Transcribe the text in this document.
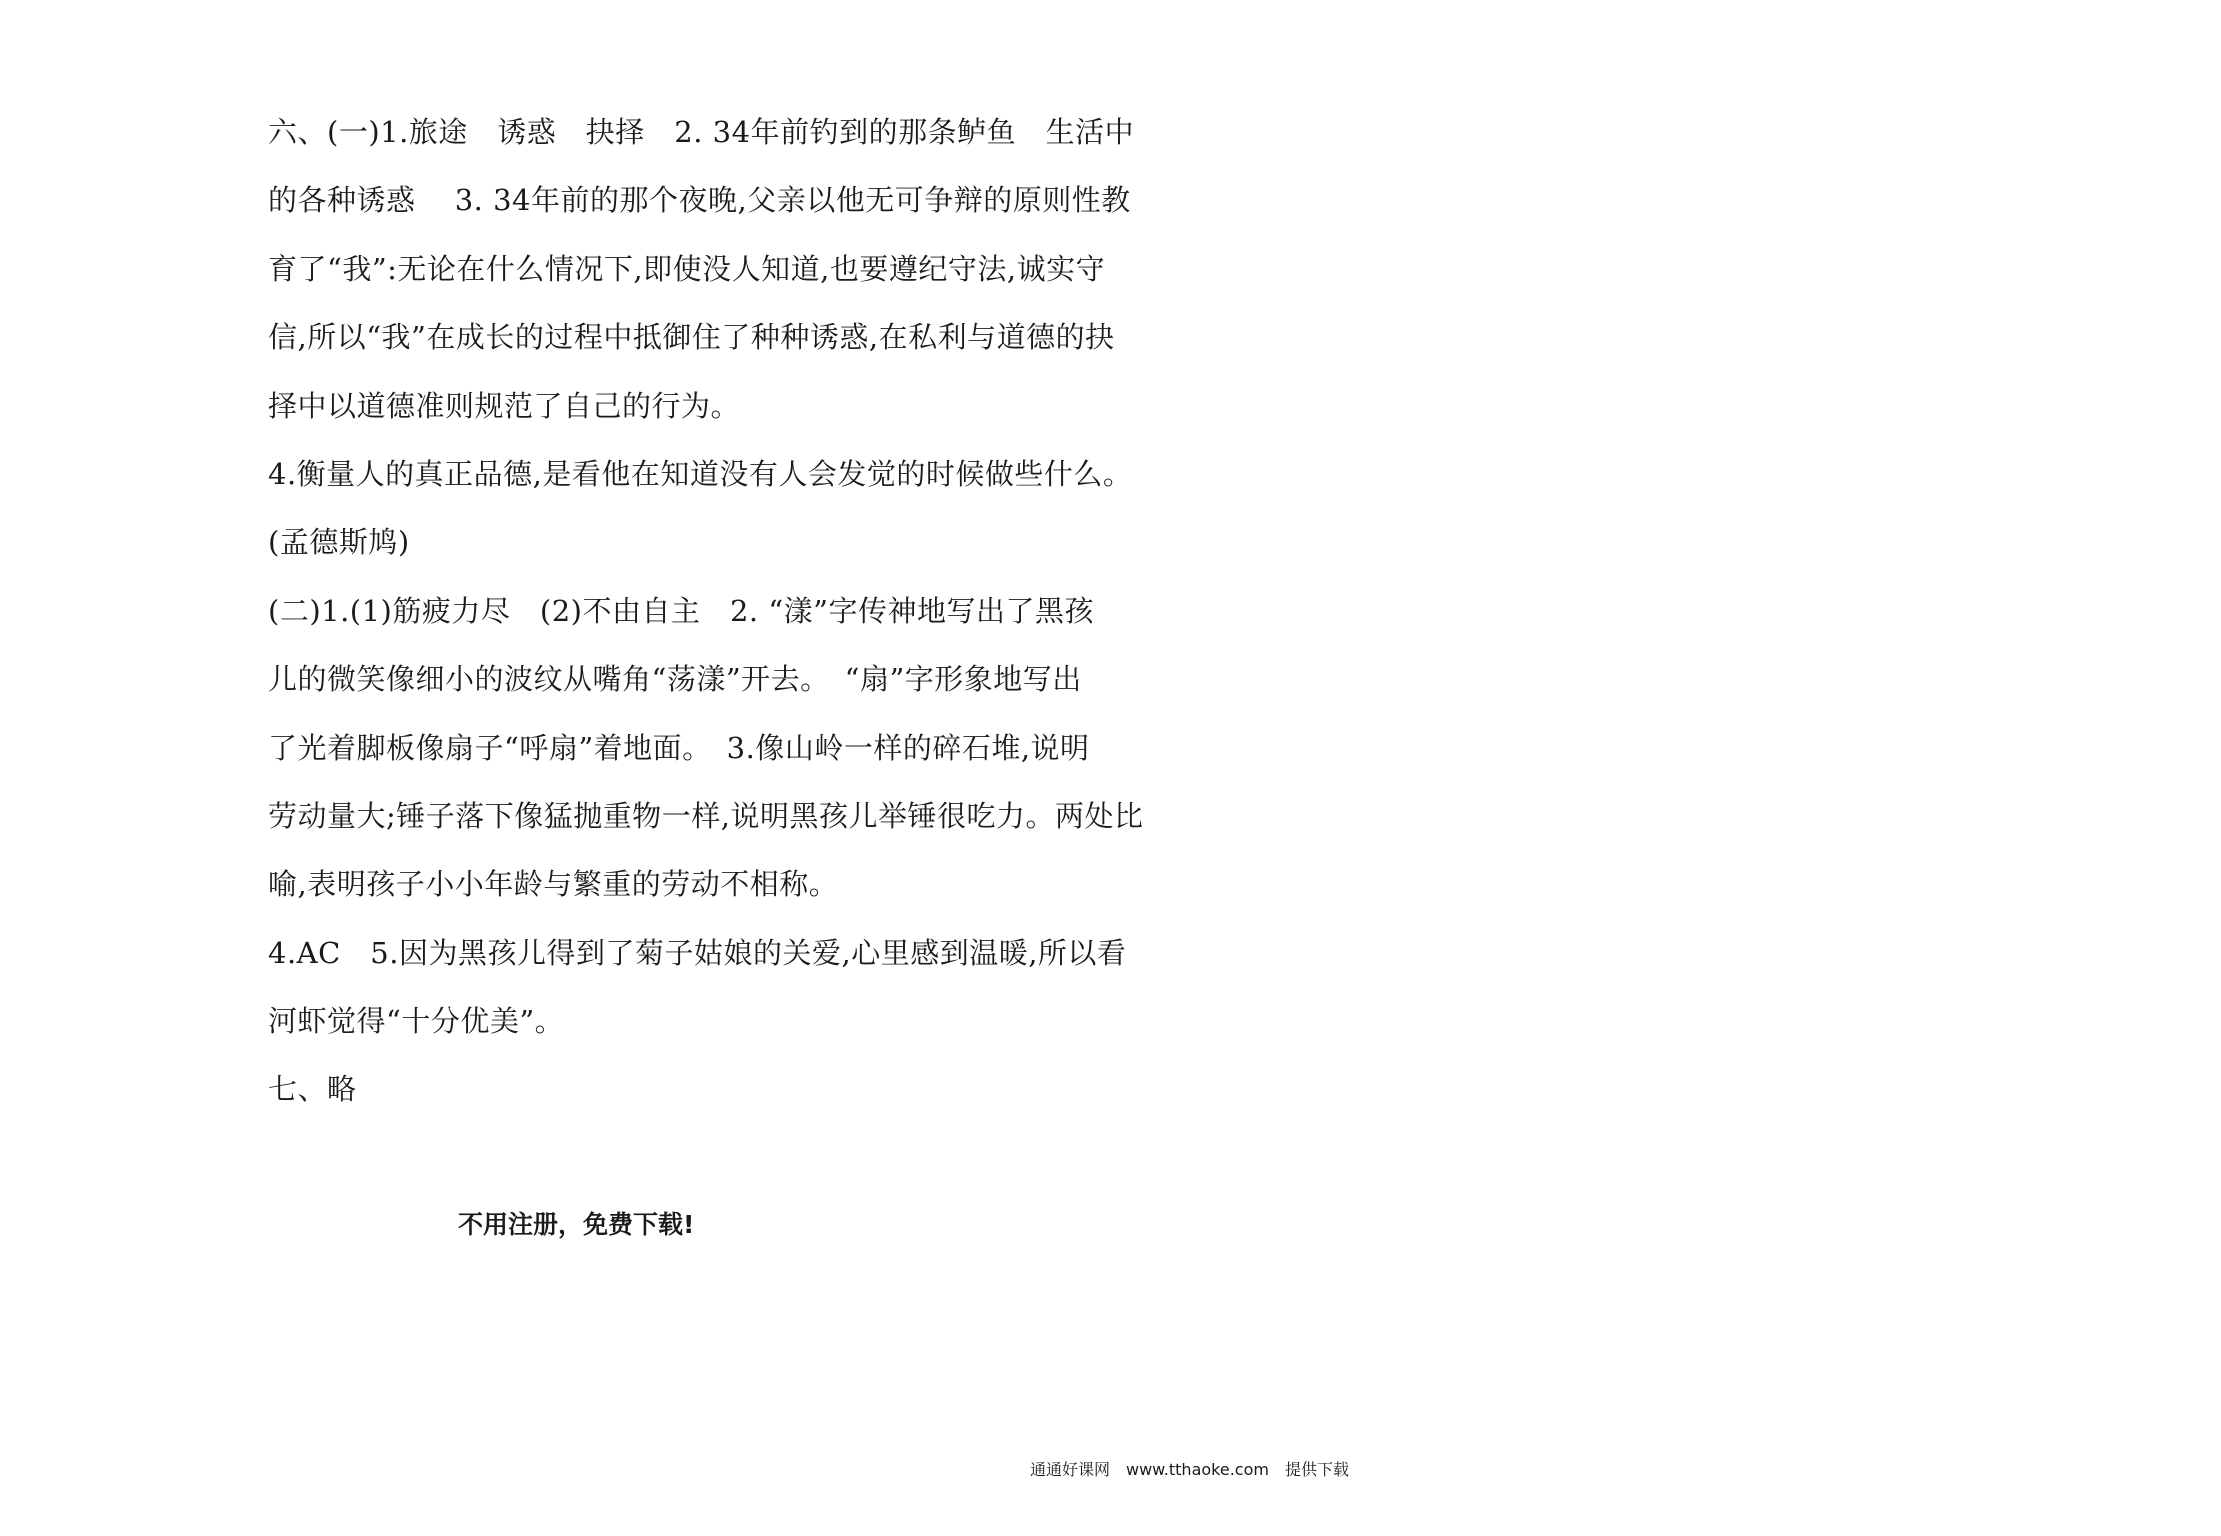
六、(一)1.旅途　诱惑　抉择　2. 34年前钓到的那条鲈鱼　生活中
的各种诱惑　 3. 34年前的那个夜晚,父亲以他无可争辩的原则性教
育了“我”:无论在什么情况下,即使没人知道,也要遵纪守法,诚实守
信,所以“我”在成长的过程中抵御住了种种诱惑,在私利与道德的抉
择中以道德准则规范了自己的行为。
4.衡量人的真正品德,是看他在知道没有人会发觉的时候做些什么。
(孟德斯鸠)
(二)1.(1)筋疲力尽　(2)不由自主　2. “漾”字传神地写出了黑孩
儿的微笑像细小的波纹从嘴角“荡漾”开去。　“扇”字形象地写出
了光着脚板像扇子“呼扇”着地面。　3.像山岭一样的碎石堆,说明
劳动量大;锤子落下像猛抛重物一样,说明黑孩儿举锤很吃力。两处比
喻,表明孩子小小年龄与繁重的劳动不相称。
4.AC　5.因为黑孩儿得到了菊子姑娘的关爱,心里感到温暖,所以看
河虾觉得“十分优美”。
七、略
不用注册，免费下载!
通通好课网　www.tthaoke.com　提供下载
